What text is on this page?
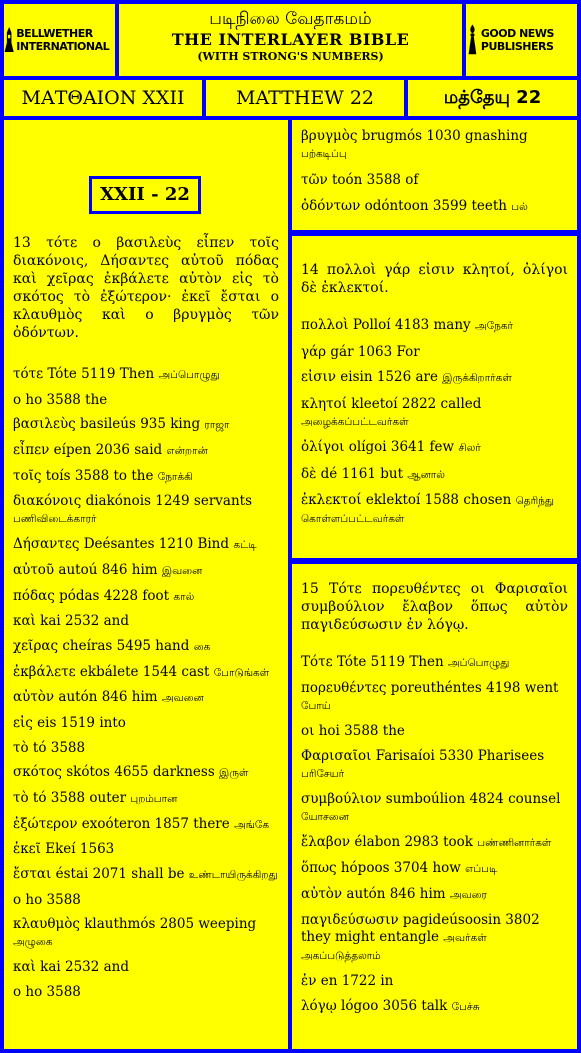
BELLWETHER INTERNATIONAL
படிநிலை வேதாகமம்
THE INTERLAYER BIBLE
(WITH STRONG'S NUMBERS)
GOOD NEWS PUBLISHERS
ΜΑΤΘΑΙΟΝ XXII	MATTHEW 22	மத்தேயு 22
XXII - 22
13 τότε ο βασιλεὺς εἶπεν τοῖς διακόνοις, Δήσαντες αὐτοῦ πόδας καὶ χεῖρας ἐκβάλετε αὐτὸν εἰς τὸ σκότος τὸ ἐξώτερον· ἐκεῖ ἔσται ο κλαυθμὸς καὶ ο βρυγμὸς τῶν ὀδόντων.
τότε Tóte 5119 Then அப்பொழுது
ο ho 3588 the
βασιλεὺς basileús 935 king ராஜா
εἶπεν eípen 2036 said என்றான்
τοῖς toís 3588 to the நோக்கி
διακόνοις diakónois 1249 servants பணிவிடைக்காரர்
Δήσαντες Deésantes 1210 Bind கட்டி
αὐτοῦ autoú 846 him இவனை
πόδας pódas 4228 foot கால்
καὶ kai 2532 and
χεῖρας cheíras 5495 hand கை
ἐκβάλετε ekbálete 1544 cast போடுங்கள்
αὐτὸν autón 846 him அவனை
εἰς eis 1519 into
τὸ tó 3588
σκότος skótos 4655 darkness இருள்
τὸ tó 3588 outer புறம்பான
ἐξώτερον exoóteron 1857 there அங்கே
ἐκεῖ Ekeí 1563
ἔσται éstai 2071 shall be உண்டாயிருக்கிறது
ο ho 3588
κλαυθμὸς klauthmós 2805 weeping அழுகை
καὶ kai 2532 and
ο ho 3588
βρυγμὸς brugmós 1030 gnashing பற்கடிப்பு
τῶν toón 3588 of
ὀδόντων odóntoon 3599 teeth பல்
14 πολλοὶ γάρ εἰσιν κλητοί, ὀλίγοι δὲ ἐκλεκτοί.
πολλοὶ Polloí 4183 many அநேகர்
γάρ gár 1063 For
εἰσιν eisin 1526 are இருக்கிறார்கள்
κλητοί kleetoí 2822 called அழைக்கப்பட்டவர்கள்
ὀλίγοι olígoi 3641 few சிலர்
δὲ dé 1161 but ஆனால்
ἐκλεκτοί eklektoí 1588 chosen தெரிந்து கொள்ளப்பட்டவர்கள்
15 Τότε πορευθέντες οι Φαρισαῖοι συμβούλιον ἔλαβον ὅπως αὐτὸν παγιδεύσωσιν ἐν λόγῳ.
Τότε Tóte 5119 Then அப்பொழுது
πορευθέντες poreuthéntes 4198 went போய்
οι hoi 3588 the
Φαρισαῖοι Farisaíoi 5330 Pharisees பரிசேயர்
συμβούλιον sumboúlion 4824 counsel யோசனை
ἔλαβον élabon 2983 took பண்ணினார்கள்
ὅπως hópoos 3704 how எப்படி
αὐτὸν autón 846 him அவரை
παγιδεύσωσιν pagideúsoosin 3802 they might entangle அவர்கள் அகப்படுத்தலாம்
ἐν en 1722 in
λόγῳ lógoo 3056 talk பேச்சு
